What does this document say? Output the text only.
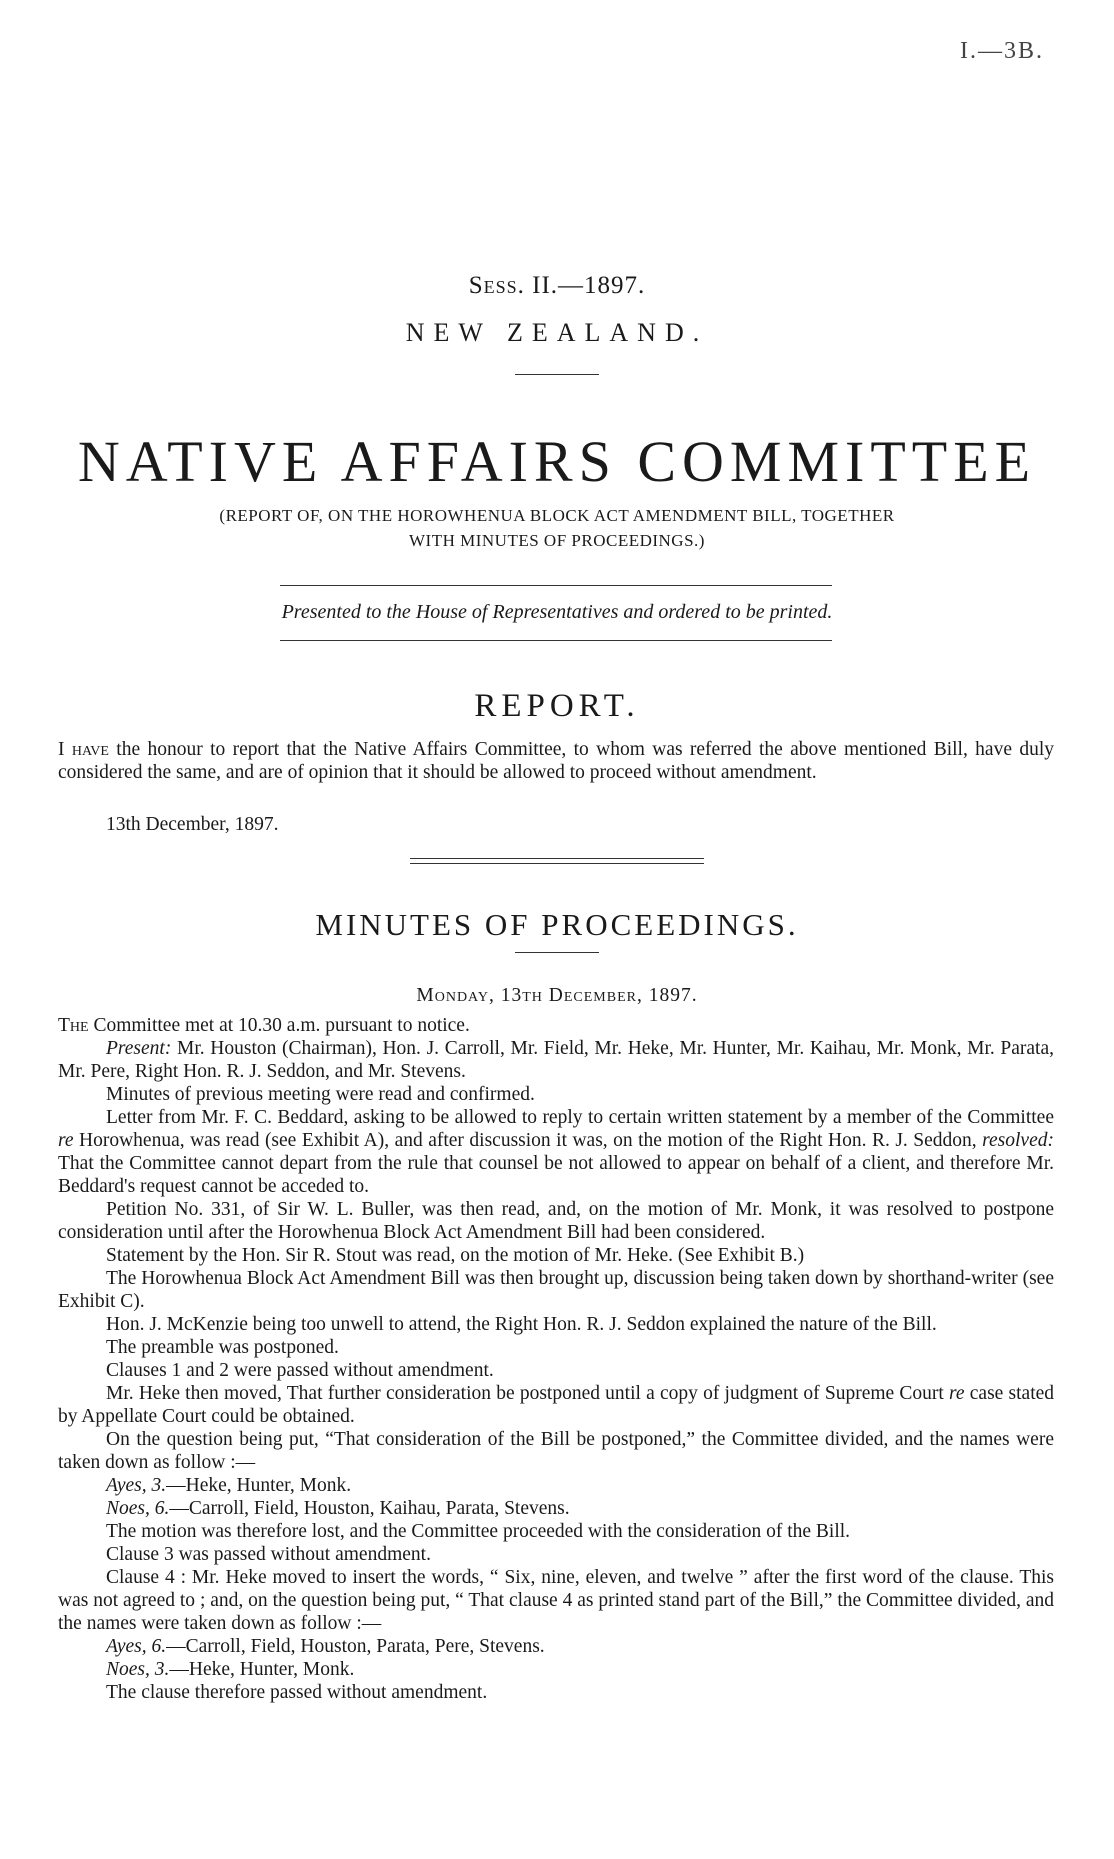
I.—3B.
Sess. II.—1897.
NEW ZEALAND.
NATIVE AFFAIRS COMMITTEE
(REPORT OF, ON THE HOROWHENUA BLOCK ACT AMENDMENT BILL, TOGETHER
WITH MINUTES OF PROCEEDINGS.)
Presented to the House of Representatives and ordered to be printed.
REPORT.
I have the honour to report that the Native Affairs Committee, to whom was referred the above mentioned Bill, have duly considered the same, and are of opinion that it should be allowed to proceed without amendment.
13th December, 1897.
MINUTES OF PROCEEDINGS.
Monday, 13th December, 1897.

The Committee met at 10.30 a.m. pursuant to notice.

Present: Mr. Houston (Chairman), Hon. J. Carroll, Mr. Field, Mr. Heke, Mr. Hunter, Mr. Kaihau, Mr. Monk, Mr. Parata, Mr. Pere, Right Hon. R. J. Seddon, and Mr. Stevens.

Minutes of previous meeting were read and confirmed.

Letter from Mr. F. C. Beddard, asking to be allowed to reply to certain written statement by a member of the Committee re Horowhenua, was read (see Exhibit A), and after discussion it was, on the motion of the Right Hon. R. J. Seddon, resolved: That the Committee cannot depart from the rule that counsel be not allowed to appear on behalf of a client, and therefore Mr. Beddard's request cannot be acceded to.

Petition No. 331, of Sir W. L. Buller, was then read, and, on the motion of Mr. Monk, it was resolved to postpone consideration until after the Horowhenua Block Act Amendment Bill had been considered.

Statement by the Hon. Sir R. Stout was read, on the motion of Mr. Heke. (See Exhibit B.)

The Horowhenua Block Act Amendment Bill was then brought up, discussion being taken down by shorthand-writer (see Exhibit C).

Hon. J. McKenzie being too unwell to attend, the Right Hon. R. J. Seddon explained the nature of the Bill.

The preamble was postponed.

Clauses 1 and 2 were passed without amendment.

Mr. Heke then moved, That further consideration be postponed until a copy of judgment of Supreme Court re case stated by Appellate Court could be obtained.

On the question being put, “That consideration of the Bill be postponed,” the Committee divided, and the names were taken down as follow :—

Ayes, 3.—Heke, Hunter, Monk.

Noes, 6.—Carroll, Field, Houston, Kaihau, Parata, Stevens.

The motion was therefore lost, and the Committee proceeded with the consideration of the Bill.

Clause 3 was passed without amendment.

Clause 4 : Mr. Heke moved to insert the words, “ Six, nine, eleven, and twelve ” after the first word of the clause. This was not agreed to ; and, on the question being put, “ That clause 4 as printed stand part of the Bill,” the Committee divided, and the names were taken down as follow :—

Ayes, 6.—Carroll, Field, Houston, Parata, Pere, Stevens.

Noes, 3.—Heke, Hunter, Monk.

The clause therefore passed without amendment.
